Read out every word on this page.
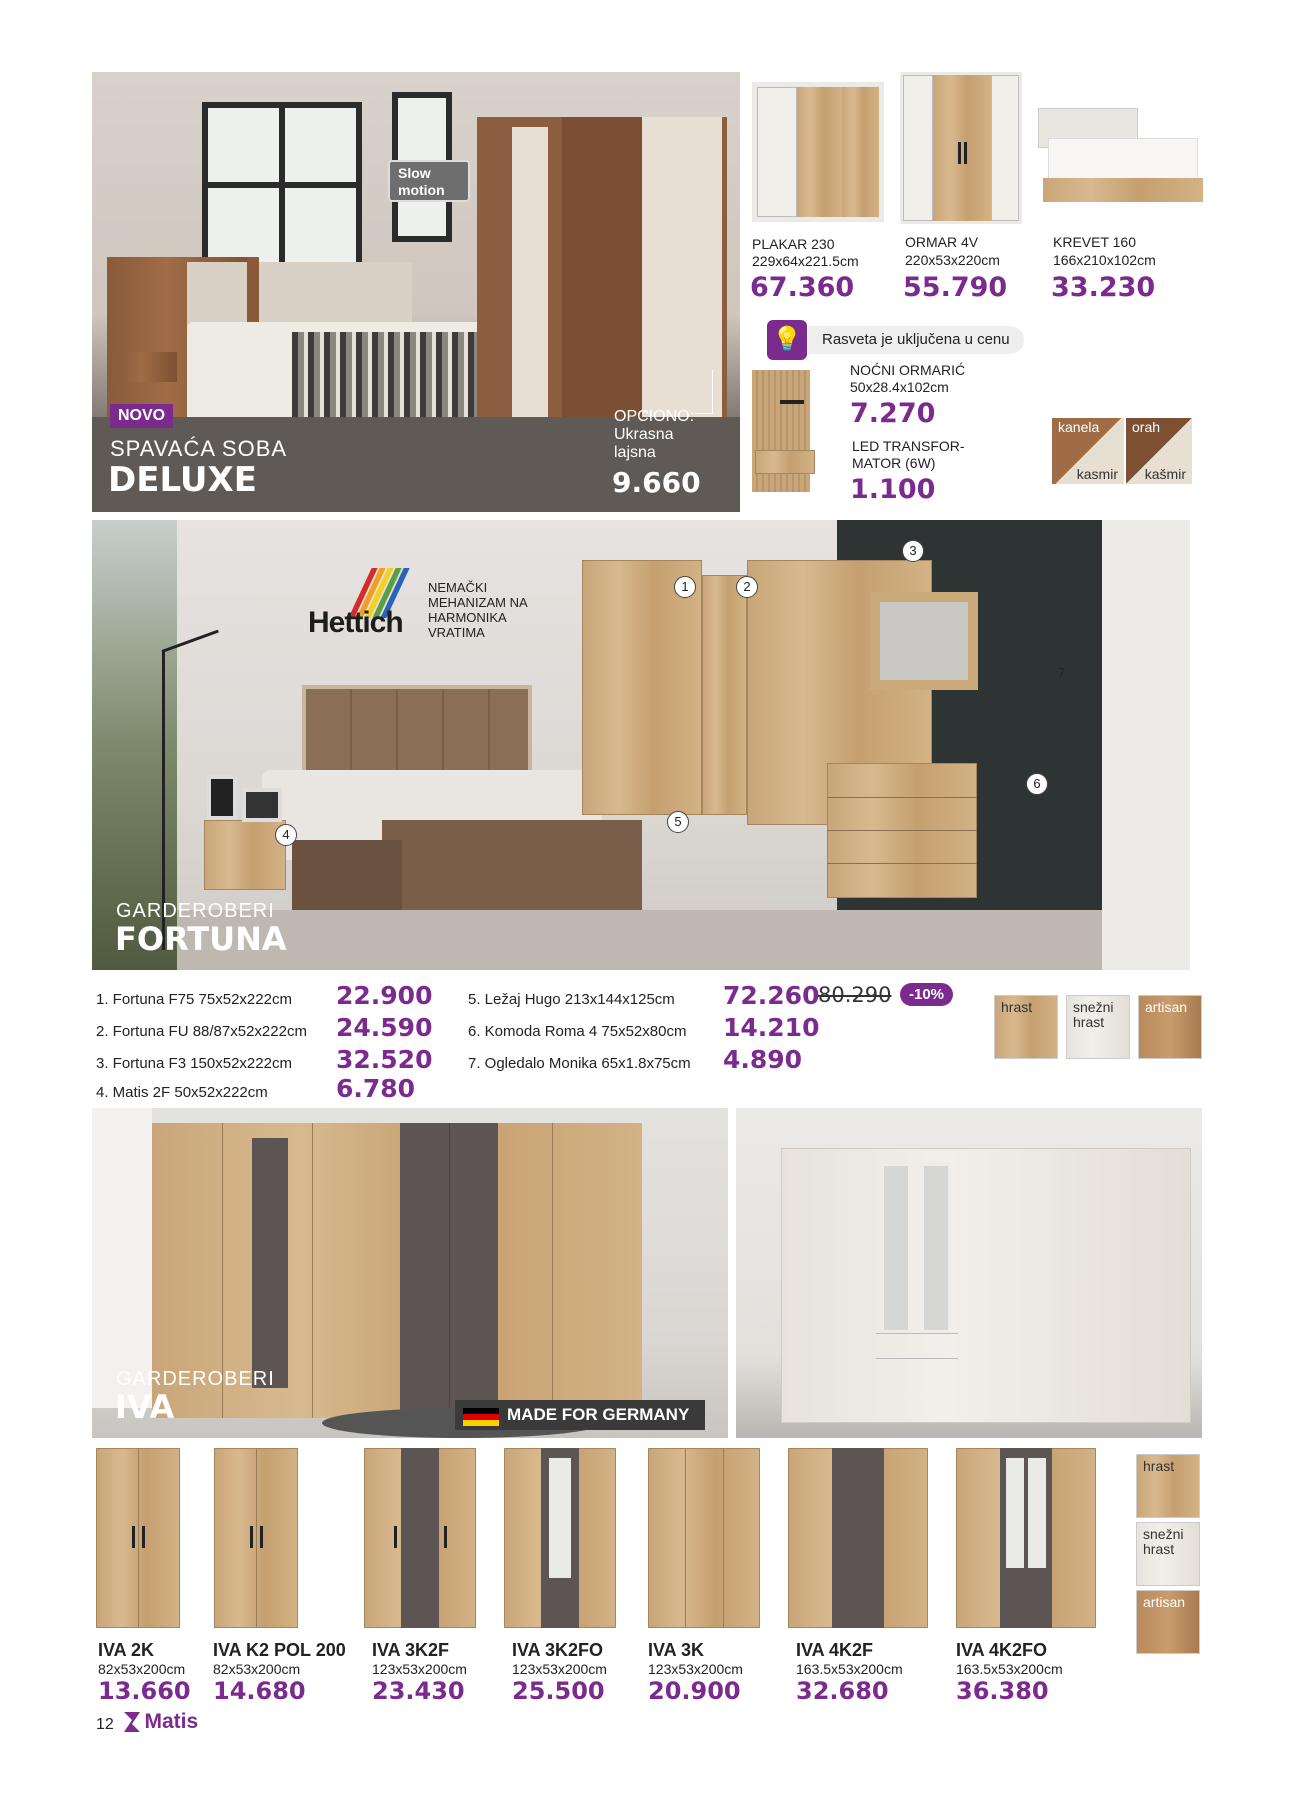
Slow motion
NOVO
SPAVAĆA SOBA
DELUXE
OPCIONO:
Ukrasna lajsna
9.660
PLAKAR 230
229x64x221.5cm
67.360
ORMAR 4V
220x53x220cm
55.790
KREVET 160
166x210x102cm
33.230
💡	Rasveta je uključena u cenu
NOĆNI ORMARIĆ
50x28.4x102cm
7.270
LED TRANSFOR- MATOR (6W)
1.100
kanela
kasmir
orah
kašmir
Hettich
NEMAČKI MEHANIZAM NA HARMONIKA VRATIMA
1	2
3
4
5
6
7
GARDEROBERI
FORTUNA
1. Fortuna F75 75x52x222cm 22.900
2. Fortuna FU 88/87x52x222cm 24.590
3. Fortuna F3 150x52x222cm 32.520
4. Matis 2F 50x52x222cm	6.780
5. Ležaj Hugo 213x144x125cm 72.260
80.290	-10%
6. Komoda Roma 4 75x52x80cm 14.210
7. Ogledalo Monika 65x1.8x75cm 4.890
hrast	snežni hrast
artisan
GARDEROBERI
IVA	MADE FOR GERMANY
hrast
snežni hrast
artisan
IVA 2K
82x53x200cm
13.660
IVA K2 POL 200
82x53x200cm
14.680
IVA 3K2F
123x53x200cm
23.430
IVA 3K2FO
123x53x200cm
25.500
IVA 3K
123x53x200cm
20.900
IVA 4K2F
163.5x53x200cm
32.680
IVA 4K2FO
163.5x53x200cm
36.380
12	Matis
